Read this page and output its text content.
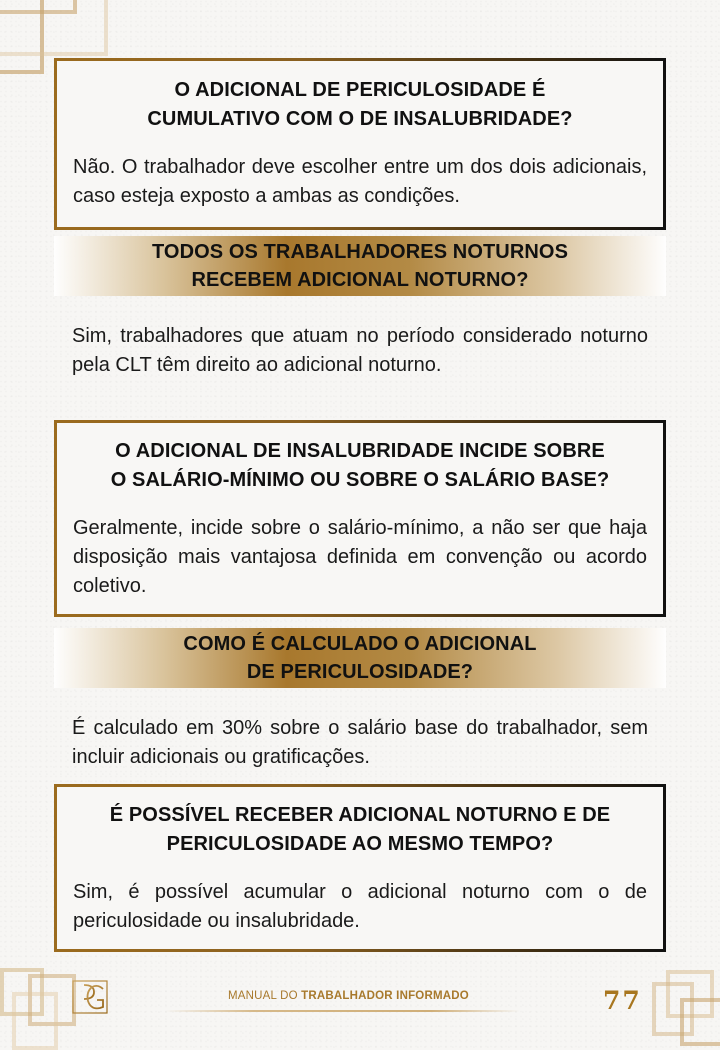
O ADICIONAL DE PERICULOSIDADE É
CUMULATIVO COM O DE INSALUBRIDADE?
Não. O trabalhador deve escolher entre um dos dois adicionais, caso esteja exposto a ambas as condições.
TODOS OS TRABALHADORES NOTURNOS
RECEBEM ADICIONAL NOTURNO?
Sim, trabalhadores que atuam no período considerado noturno pela CLT têm direito ao adicional noturno.
O ADICIONAL DE INSALUBRIDADE INCIDE SOBRE
O SALÁRIO-MÍNIMO OU SOBRE O SALÁRIO BASE?
Geralmente, incide sobre o salário-mínimo, a não ser que haja disposição mais vantajosa definida em convenção ou acordo coletivo.
COMO É CALCULADO O ADICIONAL
DE PERICULOSIDADE?
É calculado em 30% sobre o salário base do trabalhador, sem incluir adicionais ou gratificações.
É POSSÍVEL RECEBER ADICIONAL NOTURNO E DE
PERICULOSIDADE AO MESMO TEMPO?
Sim, é possível acumular o adicional noturno com o de periculosidade ou insalubridade.
MANUAL DO TRABALHADOR INFORMADO	77
